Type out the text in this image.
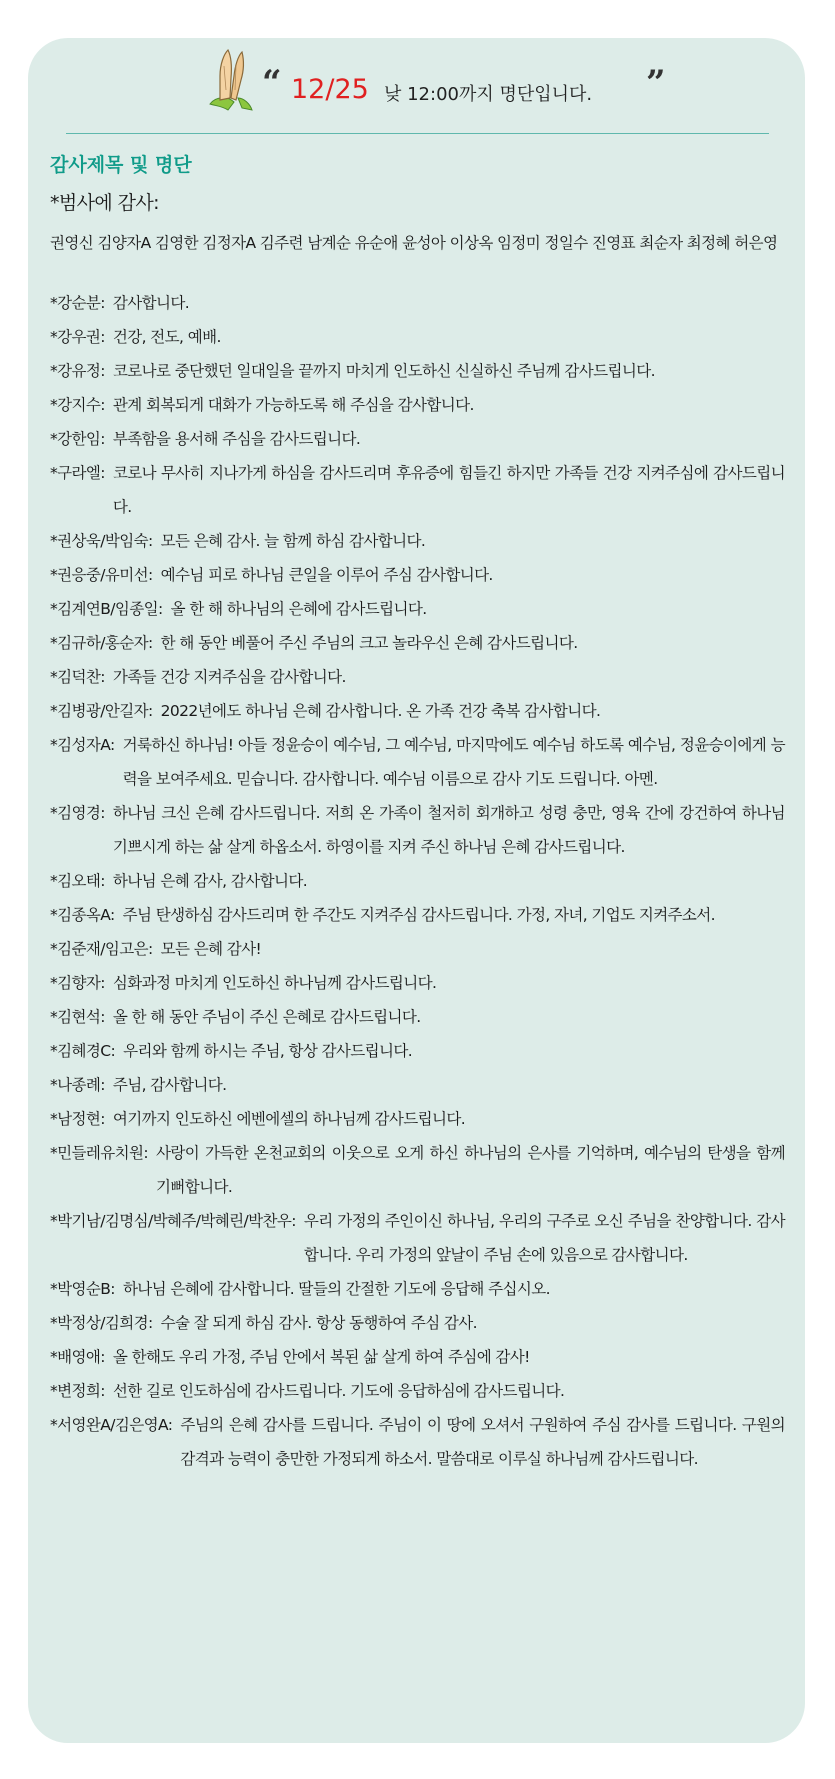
“ 12/25 낮 12:00까지 명단입니다. ”
감사제목 및 명단
*범사에 감사:
권영신 김양자A 김영한 김정자A 김주련 남계순 유순애 윤성아 이상옥 임정미 정일수 진영표 최순자 최정혜 허은영
*강순분: 감사합니다.
*강우권: 건강, 전도, 예배.
*강유정: 코로나로 중단했던 일대일을 끝까지 마치게 인도하신 신실하신 주님께 감사드립니다.
*강지수: 관계 회복되게 대화가 가능하도록 해 주심을 감사합니다.
*강한임: 부족함을 용서해 주심을 감사드립니다.
*구라엘: 코로나 무사히 지나가게 하심을 감사드리며 후유증에 힘들긴 하지만 가족들 건강 지켜주심에 감사드립니다.
*권상욱/박임숙: 모든 은혜 감사. 늘 함께 하심 감사합니다.
*권응중/유미선: 예수님 피로 하나님 큰일을 이루어 주심 감사합니다.
*김계연B/임종일: 올 한 해 하나님의 은혜에 감사드립니다.
*김규하/홍순자: 한 해 동안 베풀어 주신 주님의 크고 놀라우신 은혜 감사드립니다.
*김덕찬: 가족들 건강 지켜주심을 감사합니다.
*김병광/안길자: 2022년에도 하나님 은혜 감사합니다. 온 가족 건강 축복 감사합니다.
*김성자A: 거룩하신 하나님! 아들 정윤승이 예수님, 그 예수님, 마지막에도 예수님 하도록 예수님, 정윤승이에게 능력을 보여주세요. 믿습니다. 감사합니다. 예수님 이름으로 감사 기도 드립니다. 아멘.
*김영경: 하나님 크신 은혜 감사드립니다. 저희 온 가족이 철저히 회개하고 성령 충만, 영육 간에 강건하여 하나님 기쁘시게 하는 삶 살게 하옵소서. 하영이를 지켜 주신 하나님 은혜 감사드립니다.
*김오태: 하나님 은혜 감사, 감사합니다.
*김종옥A: 주님 탄생하심 감사드리며 한 주간도 지켜주심 감사드립니다. 가정, 자녀, 기업도 지켜주소서.
*김준재/임고은: 모든 은혜 감사!
*김향자: 심화과정 마치게 인도하신 하나님께 감사드립니다.
*김현석: 올 한 해 동안 주님이 주신 은혜로 감사드립니다.
*김혜경C: 우리와 함께 하시는 주님, 항상 감사드립니다.
*나종례: 주님, 감사합니다.
*남정현: 여기까지 인도하신 에벤에셀의 하나님께 감사드립니다.
*민들레유치원: 사랑이 가득한 온천교회의 이웃으로 오게 하신 하나님의 은사를 기억하며, 예수님의 탄생을 함께 기뻐합니다.
*박기남/김명심/박혜주/박혜린/박찬우: 우리 가정의 주인이신 하나님, 우리의 구주로 오신 주님을 찬양합니다. 감사합니다. 우리 가정의 앞날이 주님 손에 있음으로 감사합니다.
*박영순B: 하나님 은혜에 감사합니다. 딸들의 간절한 기도에 응답해 주십시오.
*박정상/김희경: 수술 잘 되게 하심 감사. 항상 동행하여 주심 감사.
*배영애: 올 한해도 우리 가정, 주님 안에서 복된 삶 살게 하여 주심에 감사!
*변정희: 선한 길로 인도하심에 감사드립니다. 기도에 응답하심에 감사드립니다.
*서영완A/김은영A: 주님의 은혜 감사를 드립니다. 주님이 이 땅에 오셔서 구원하여 주심 감사를 드립니다. 구원의 감격과 능력이 충만한 가정되게 하소서. 말씀대로 이루실 하나님께 감사드립니다.
